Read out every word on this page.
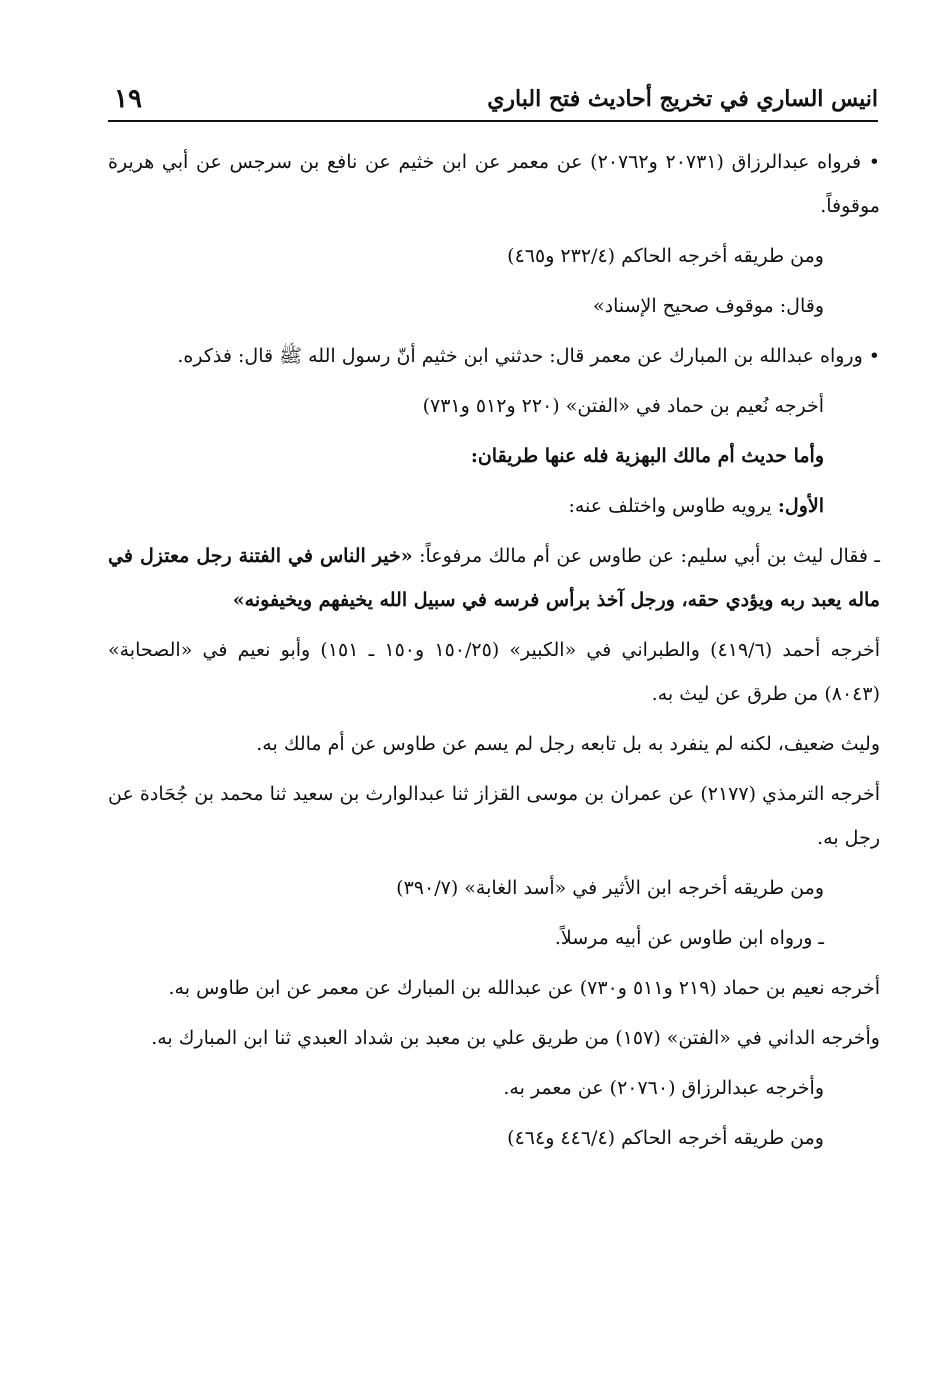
انيس الساري في تخريج أحاديث فتح الباري
١٩

• فرواه عبدالرزاق (٢٠٧٣١ و٢٠٧٦٢) عن معمر عن ابن خثيم عن نافع بن سرجس عن أبي هريرة موقوفاً.

ومن طريقه أخرجه الحاكم (٢٣٢/٤ و٤٦٥)

وقال: موقوف صحيح الإسناد»

• ورواه عبدالله بن المبارك عن معمر قال: حدثني ابن خثيم أنّ رسول الله ﷺ قال: فذكره.

أخرجه نُعيم بن حماد في «الفتن» (٢٢٠ و٥١٢ و٧٣١)

وأما حديث أم مالك البهزية فله عنها طريقان:

الأول: يرويه طاوس واختلف عنه:

ـ فقال ليث بن أبي سليم: عن طاوس عن أم مالك مرفوعاً: «خير الناس في الفتنة رجل معتزل في ماله يعبد ربه ويؤدي حقه، ورجل آخذ برأس فرسه في سبيل الله يخيفهم ويخيفونه»

أخرجه أحمد (٤١٩/٦) والطبراني في «الكبير» (١٥٠/٢٥ و١٥٠ ـ ١٥١) وأبو نعيم في «الصحابة» (٨٠٤٣) من طرق عن ليث به.

وليث ضعيف، لكنه لم ينفرد به بل تابعه رجل لم يسم عن طاوس عن أم مالك به.

أخرجه الترمذي (٢١٧٧) عن عمران بن موسى القزاز ثنا عبدالوارث بن سعيد ثنا محمد بن جُحَادة عن رجل به.

ومن طريقه أخرجه ابن الأثير في «أسد الغابة» (٣٩٠/٧)

ـ ورواه ابن طاوس عن أبيه مرسلاً.

أخرجه نعيم بن حماد (٢١٩ و٥١١ و٧٣٠) عن عبدالله بن المبارك عن معمر عن ابن طاوس به.

وأخرجه الداني في «الفتن» (١٥٧) من طريق علي بن معبد بن شداد العبدي ثنا ابن المبارك به.

وأخرجه عبدالرزاق (٢٠٧٦٠) عن معمر به.

ومن طريقه أخرجه الحاكم (٤٤٦/٤ و٤٦٤)
